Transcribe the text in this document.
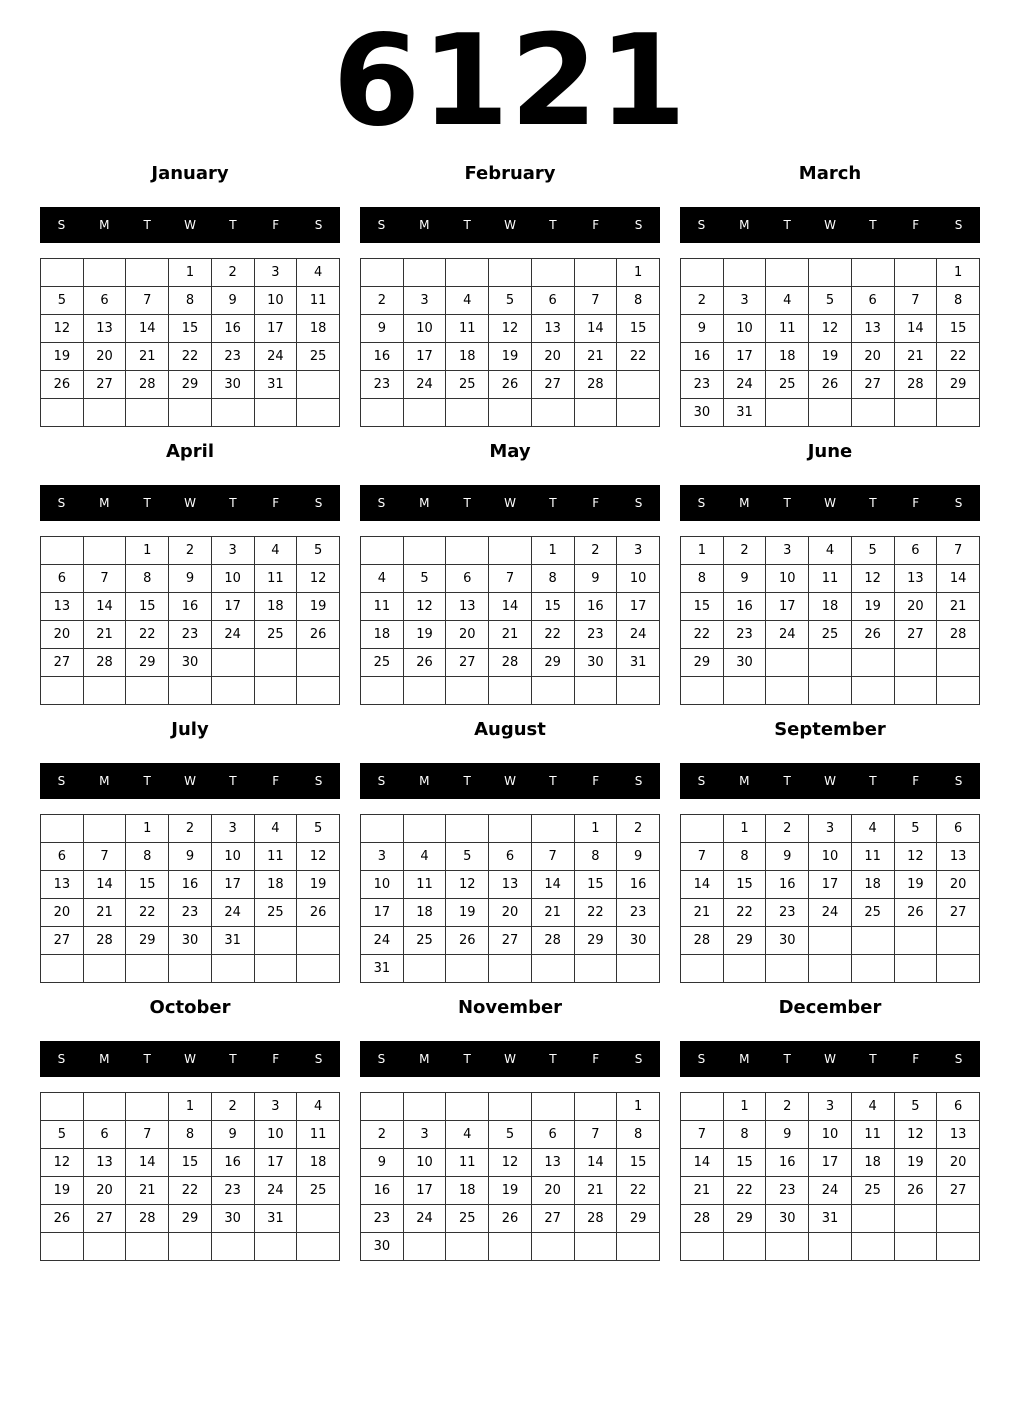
6121
January
S	M	T	W	T	F	S
			1	2	3	4
5	6	7	8	9	10	11
12	13	14	15	16	17	18
19	20	21	22	23	24	25
26	27	28	29	30	31	

February
S	M	T	W	T	F	S
						1
2	3	4	5	6	7	8
9	10	11	12	13	14	15
16	17	18	19	20	21	22
23	24	25	26	27	28	

March
S	M	T	W	T	F	S
						1
2	3	4	5	6	7	8
9	10	11	12	13	14	15
16	17	18	19	20	21	22
23	24	25	26	27	28	29
30	31					
April
S	M	T	W	T	F	S
		1	2	3	4	5
6	7	8	9	10	11	12
13	14	15	16	17	18	19
20	21	22	23	24	25	26
27	28	29	30			

May
S	M	T	W	T	F	S
				1	2	3
4	5	6	7	8	9	10
11	12	13	14	15	16	17
18	19	20	21	22	23	24
25	26	27	28	29	30	31

June
S	M	T	W	T	F	S
1	2	3	4	5	6	7
8	9	10	11	12	13	14
15	16	17	18	19	20	21
22	23	24	25	26	27	28
29	30					

July
S	M	T	W	T	F	S
		1	2	3	4	5
6	7	8	9	10	11	12
13	14	15	16	17	18	19
20	21	22	23	24	25	26
27	28	29	30	31		

August
S	M	T	W	T	F	S
					1	2
3	4	5	6	7	8	9
10	11	12	13	14	15	16
17	18	19	20	21	22	23
24	25	26	27	28	29	30
31						
September
S	M	T	W	T	F	S
	1	2	3	4	5	6
7	8	9	10	11	12	13
14	15	16	17	18	19	20
21	22	23	24	25	26	27
28	29	30				

October
S	M	T	W	T	F	S
			1	2	3	4
5	6	7	8	9	10	11
12	13	14	15	16	17	18
19	20	21	22	23	24	25
26	27	28	29	30	31	

November
S	M	T	W	T	F	S
						1
2	3	4	5	6	7	8
9	10	11	12	13	14	15
16	17	18	19	20	21	22
23	24	25	26	27	28	29
30						
December
S	M	T	W	T	F	S
	1	2	3	4	5	6
7	8	9	10	11	12	13
14	15	16	17	18	19	20
21	22	23	24	25	26	27
28	29	30	31			
